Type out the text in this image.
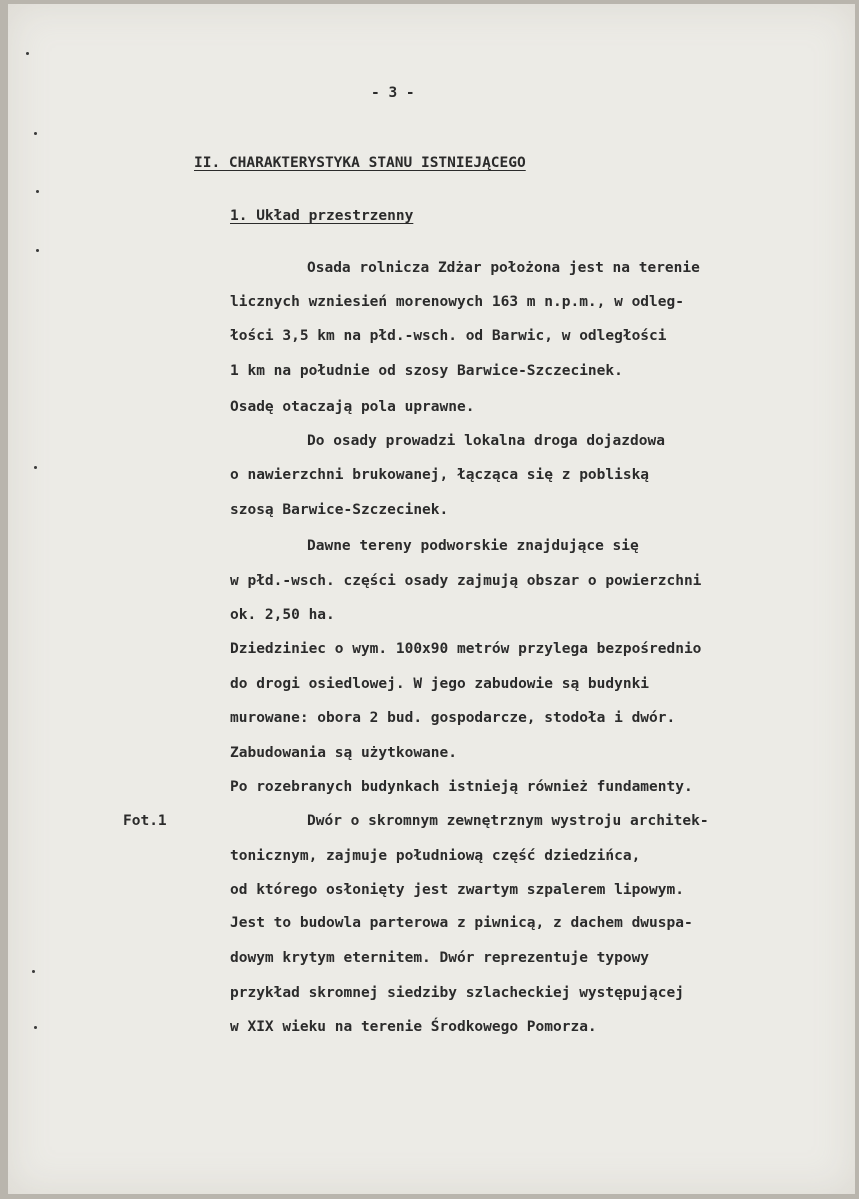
- 3 -
II. CHARAKTERYSTYKA STANU ISTNIEJĄCEGO
1. Układ przestrzenny
Osada rolnicza Zdżar położona jest na terenie
licznych wzniesień morenowych 163 m n.p.m., w odleg-
łości 3,5 km na płd.-wsch. od Barwic, w odległości
1 km na południe od szosy Barwice-Szczecinek.
Osadę otaczają pola uprawne.
Do osady prowadzi lokalna droga dojazdowa
o nawierzchni brukowanej, łącząca się z pobliską
szosą Barwice-Szczecinek.
Dawne tereny podworskie znajdujące się
w płd.-wsch. części osady zajmują obszar o powierzchni
ok. 2,50 ha.
Dziedziniec o wym. 100x90 metrów przylega bezpośrednio
do drogi osiedlowej. W jego zabudowie są budynki
murowane: obora 2 bud. gospodarcze, stodoła i dwór.
Zabudowania są użytkowane.
Po rozebranych budynkach istnieją również fundamenty.
Fot.1	Dwór o skromnym zewnętrznym wystroju architek-
tonicznym, zajmuje południową część dziedzińca,
od którego osłonięty jest zwartym szpalerem lipowym.
Jest to budowla parterowa z piwnicą, z dachem dwuspa-
dowym krytym eternitem. Dwór reprezentuje typowy
przykład skromnej siedziby szlacheckiej występującej
w XIX wieku na terenie Środkowego Pomorza.
